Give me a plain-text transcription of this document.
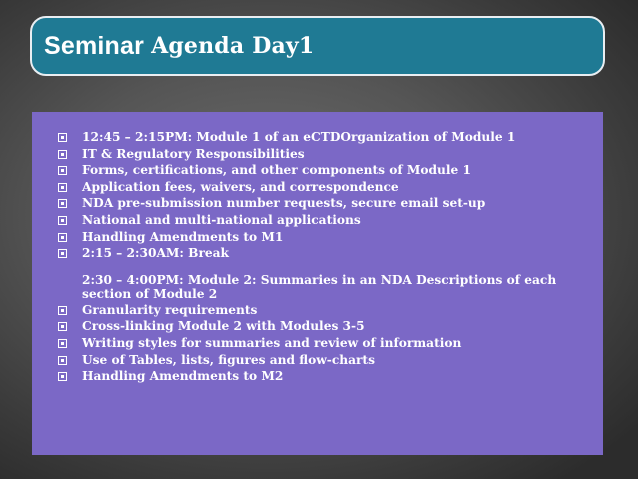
Seminar Agenda Day1
12:45 – 2:15PM: Module 1 of an eCTDOrganization of Module 1
IT & Regulatory Responsibilities
Forms, certifications, and other components of Module 1
Application fees, waivers, and correspondence
NDA pre-submission number requests, secure email set-up
National and multi-national applications
Handling Amendments to M1
2:15 – 2:30AM: Break
2:30 – 4:00PM: Module 2: Summaries in an NDA Descriptions of each section of Module 2
Granularity requirements
Cross-linking Module 2 with Modules 3-5
Writing styles for summaries and review of information
Use of Tables, lists, figures and flow-charts
Handling Amendments to M2
